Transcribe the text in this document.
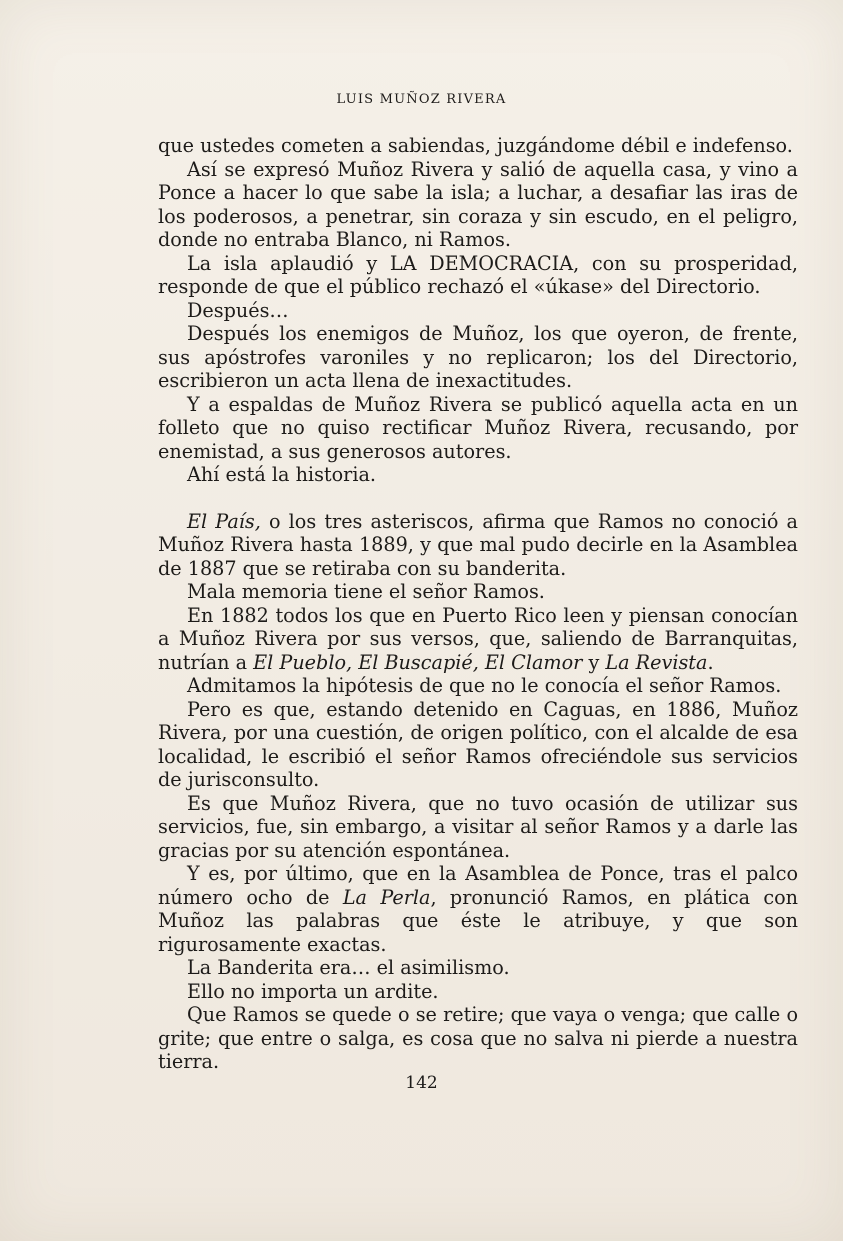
LUIS MUÑOZ RIVERA

que ustedes cometen a sabiendas, juzgándome débil e indefenso.

Así se expresó Muñoz Rivera y salió de aquella casa, y vino a Ponce a hacer lo que sabe la isla; a luchar, a desafiar las iras de los poderosos, a penetrar, sin coraza y sin escudo, en el peligro, donde no entraba Blanco, ni Ramos.

La isla aplaudió y LA DEMOCRACIA, con su prosperidad, responde de que el público rechazó el «úkase» del Directorio.

Después…

Después los enemigos de Muñoz, los que oyeron, de frente, sus apóstrofes varoniles y no replicaron; los del Directorio, escribieron un acta llena de inexactitudes.

Y a espaldas de Muñoz Rivera se publicó aquella acta en un folleto que no quiso rectificar Muñoz Rivera, recusando, por enemistad, a sus generosos autores.

Ahí está la historia.

El País, o los tres asteriscos, afirma que Ramos no conoció a Muñoz Rivera hasta 1889, y que mal pudo decirle en la Asamblea de 1887 que se retiraba con su banderita.

Mala memoria tiene el señor Ramos.

En 1882 todos los que en Puerto Rico leen y piensan conocían a Muñoz Rivera por sus versos, que, saliendo de Barranquitas, nutrían a El Pueblo, El Buscapié, El Clamor y La Revista.

Admitamos la hipótesis de que no le conocía el señor Ramos.

Pero es que, estando detenido en Caguas, en 1886, Muñoz Rivera, por una cuestión, de origen político, con el alcalde de esa localidad, le escribió el señor Ramos ofreciéndole sus servicios de jurisconsulto.

Es que Muñoz Rivera, que no tuvo ocasión de utilizar sus servicios, fue, sin embargo, a visitar al señor Ramos y a darle las gracias por su atención espontánea.

Y es, por último, que en la Asamblea de Ponce, tras el palco número ocho de La Perla, pronunció Ramos, en plática con Muñoz las palabras que éste le atribuye, y que son rigurosamente exactas.

La Banderita era… el asimilismo.

Ello no importa un ardite.

Que Ramos se quede o se retire; que vaya o venga; que calle o grite; que entre o salga, es cosa que no salva ni pierde a nuestra tierra.

142
